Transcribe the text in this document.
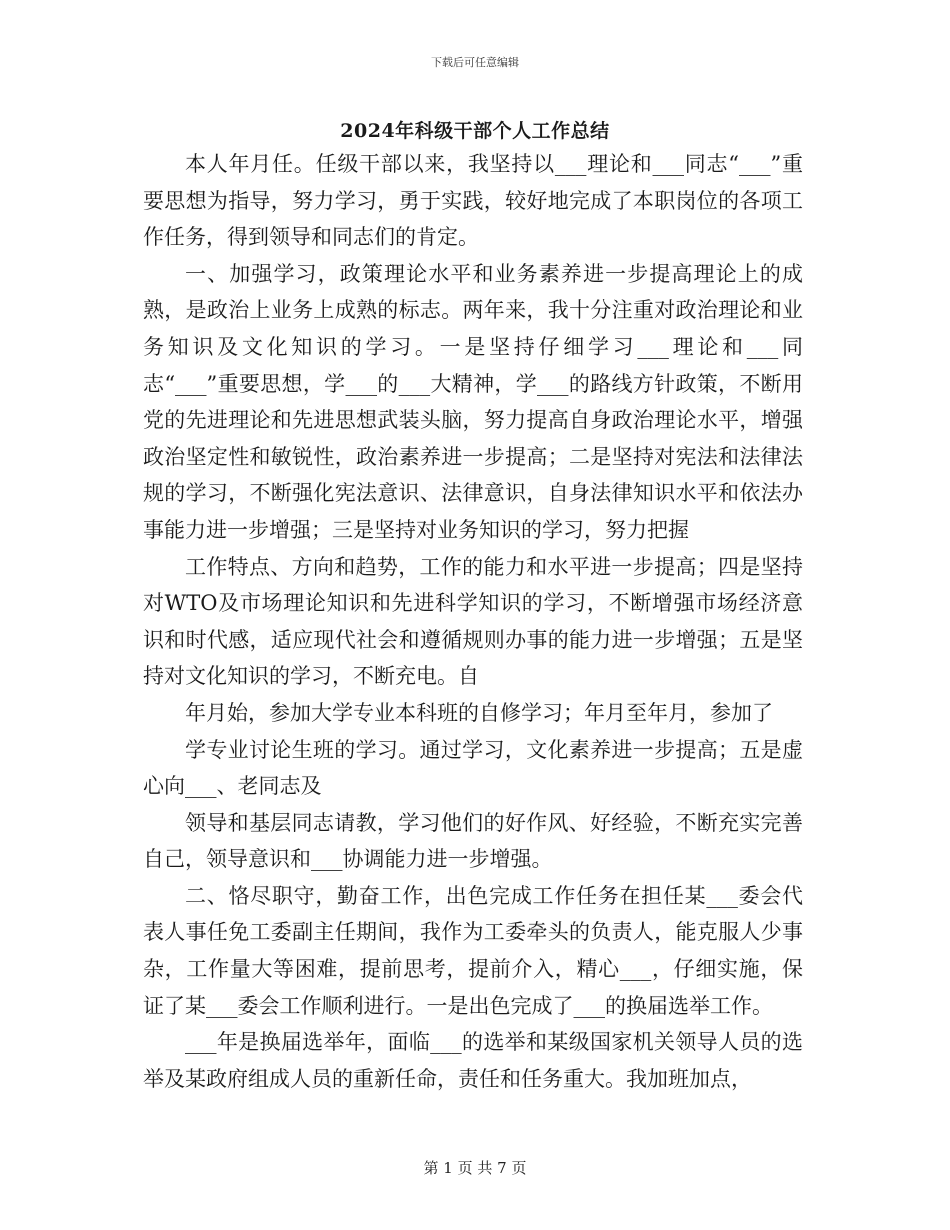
下载后可任意编辑
2024年科级干部个人工作总结

本人年月任。任级干部以来，我坚持以___理论和___同志“___”重要思想为指导，努力学习，勇于实践，较好地完成了本职岗位的各项工作任务，得到领导和同志们的肯定。

一、加强学习，政策理论水平和业务素养进一步提高理论上的成熟，是政治上业务上成熟的标志。两年来，我十分注重对政治理论和业务知识及文化知识的学习。一是坚持仔细学习___理论和___同志“___”重要思想，学___的___大精神，学___的路线方针政策，不断用党的先进理论和先进思想武装头脑，努力提高自身政治理论水平，增强政治坚定性和敏锐性，政治素养进一步提高；二是坚持对宪法和法律法规的学习，不断强化宪法意识、法律意识，自身法律知识水平和依法办事能力进一步增强；三是坚持对业务知识的学习，努力把握

工作特点、方向和趋势，工作的能力和水平进一步提高；四是坚持对WTO及市场理论知识和先进科学知识的学习，不断增强市场经济意识和时代感，适应现代社会和遵循规则办事的能力进一步增强；五是坚持对文化知识的学习，不断充电。自

年月始，参加大学专业本科班的自修学习；年月至年月，参加了

学专业讨论生班的学习。通过学习，文化素养进一步提高；五是虚心向___、老同志及

领导和基层同志请教，学习他们的好作风、好经验，不断充实完善自己，领导意识和___协调能力进一步增强。

二、恪尽职守，勤奋工作，出色完成工作任务在担任某___委会代表人事任免工委副主任期间，我作为工委牵头的负责人，能克服人少事杂，工作量大等困难，提前思考，提前介入，精心___，仔细实施，保证了某___委会工作顺利进行。一是出色完成了___的换届选举工作。

___年是换届选举年，面临___的选举和某级国家机关领导人员的选举及某政府组成人员的重新任命，责任和任务重大。我加班加点，

第 1 页 共 7 页
